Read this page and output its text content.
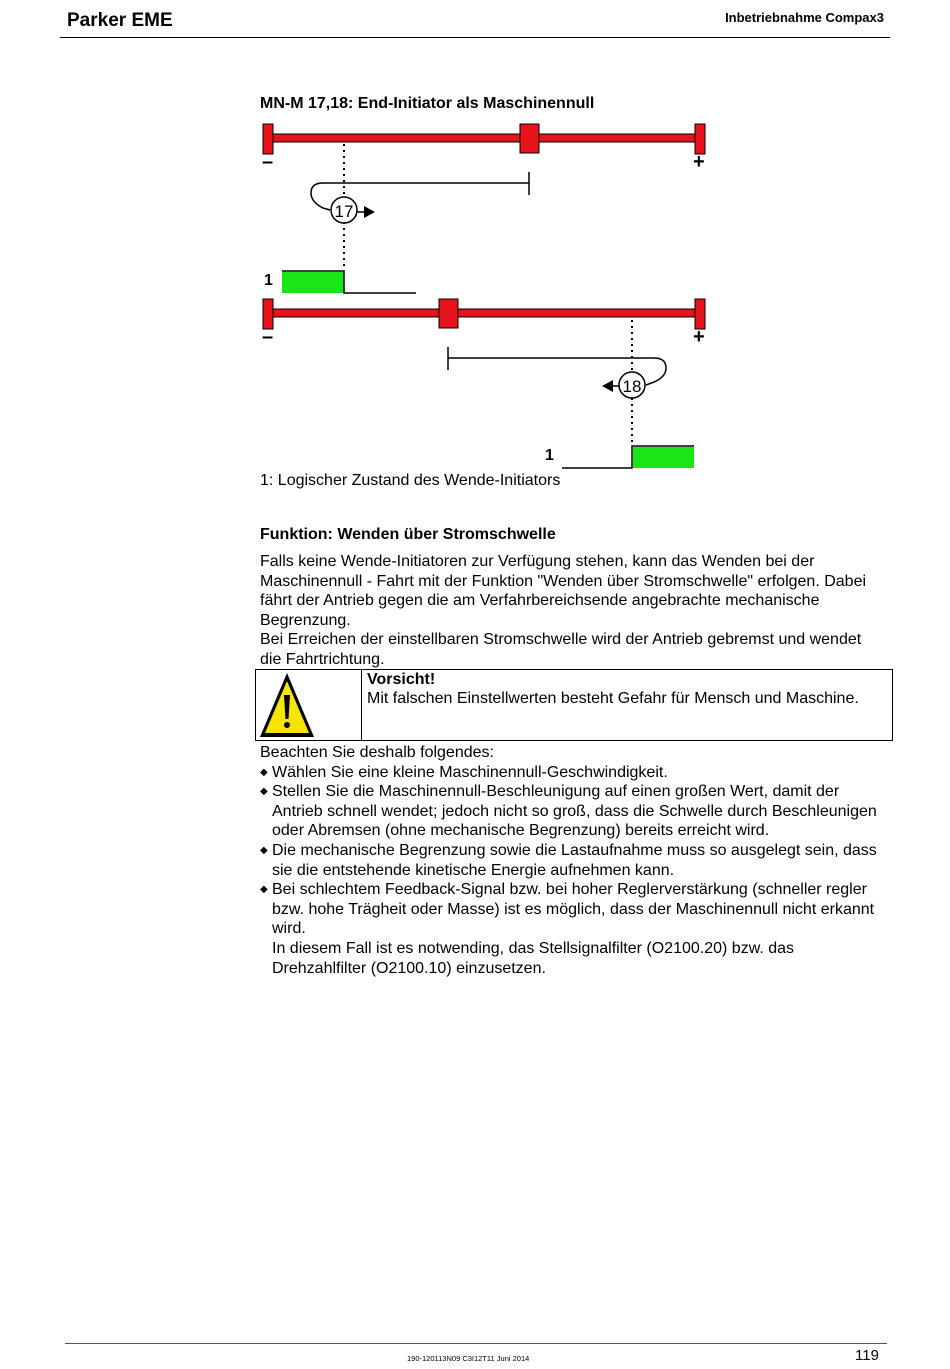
Parker EME	Inbetriebnahme Compax3
MN-M 17,18: End-Initiator als Maschinennull
–	+
17
1
–	+
18
1
1: Logischer Zustand des Wende-Initiators
Funktion: Wenden über Stromschwelle

Falls keine Wende-Initiatoren zur Verfügung stehen, kann das Wenden bei der Maschinennull - Fahrt mit der Funktion "Wenden über Stromschwelle" erfolgen. Dabei fährt der Antrieb gegen die am Verfahrbereichsende angebrachte mechanische Begrenzung.

Bei Erreichen der einstellbaren Stromschwelle wird der Antrieb gebremst und wendet die Fahrtrichtung.

Vorsicht!
Mit falschen Einstellwerten besteht Gefahr für Mensch und Maschine.

Beachten Sie deshalb folgendes:

◆ Wählen Sie eine kleine Maschinennull-Geschwindigkeit.

◆ Stellen Sie die Maschinennull-Beschleunigung auf einen großen Wert, damit der Antrieb schnell wendet; jedoch nicht so groß, dass die Schwelle durch Beschleunigen oder Abremsen (ohne mechanische Begrenzung) bereits erreicht wird.

◆ Die mechanische Begrenzung sowie die Lastaufnahme muss so ausgelegt sein, dass sie die entstehende kinetische Energie aufnehmen kann.

◆ Bei schlechtem Feedback-Signal bzw. bei hoher Reglerverstärkung (schneller regler bzw. hohe Trägheit oder Masse) ist es möglich, dass der Maschinennull nicht erkannt wird.

In diesem Fall ist es notwending, das Stellsignalfilter (O2100.20) bzw. das Drehzahlfilter (O2100.10) einzusetzen.

190-120113N09 C3I12T11 Juni 2014	119
